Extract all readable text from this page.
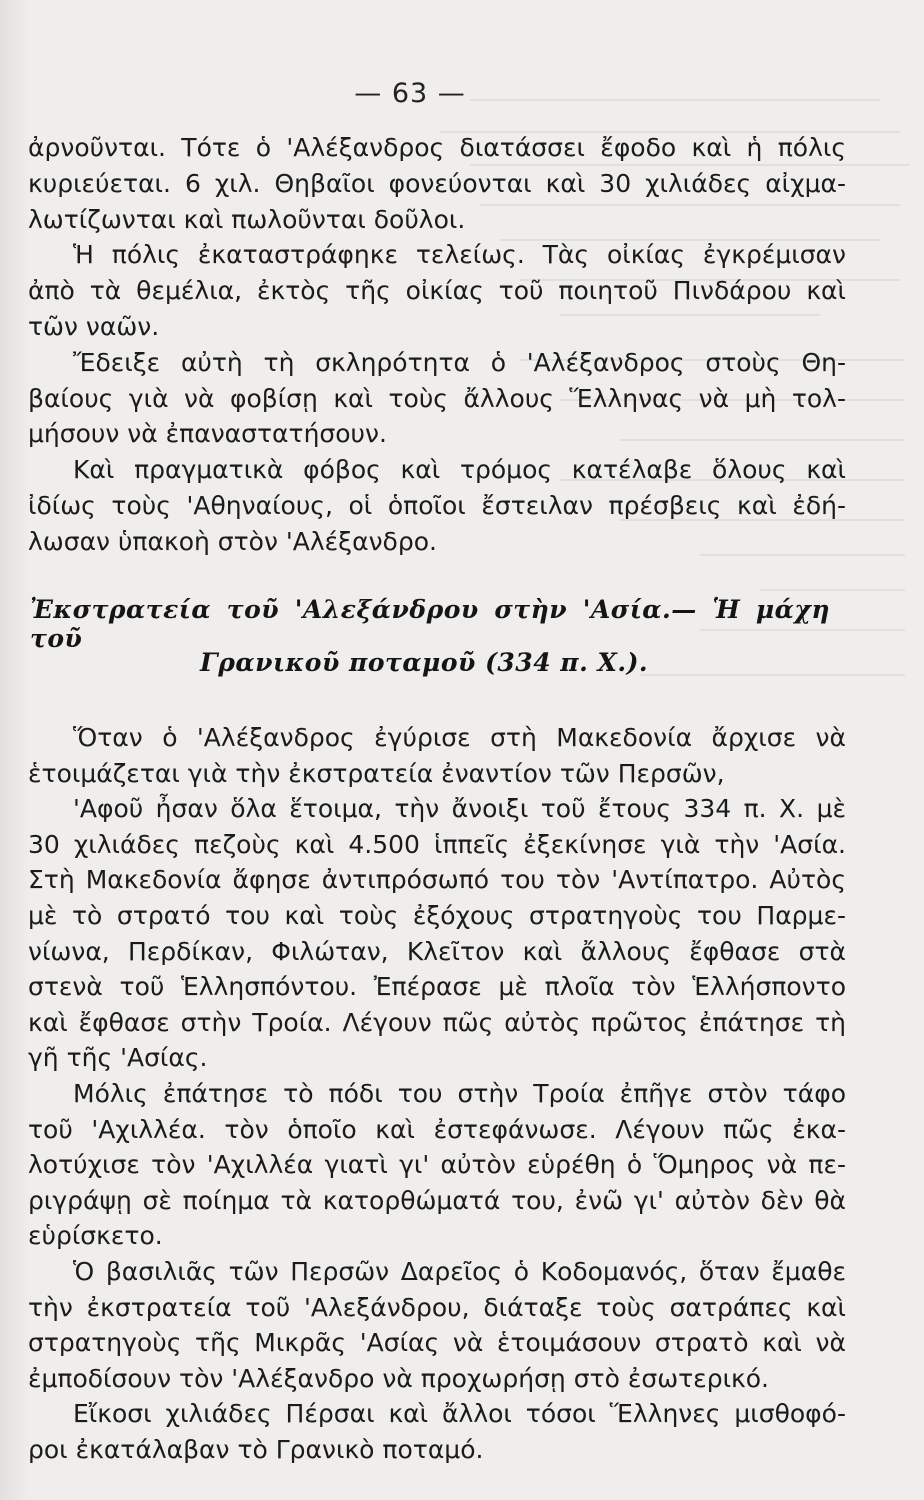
— 63 —
ἀρνοῦνται. Τότε ὁ 'Αλέξανδρος διατάσσει ἔφοδο καὶ ἡ πόλις
κυριεύεται. 6 χιλ. Θηβαῖοι φονεύονται καὶ 30 χιλιάδες αἰχμα-
λωτίζωνται καὶ πωλοῦνται δοῦλοι.
Ἡ πόλις ἐκαταστράφηκε τελείως. Τὰς οἰκίας ἐγκρέμισαν
ἀπὸ τὰ θεμέλια, ἐκτὸς τῆς οἰκίας τοῦ ποιητοῦ Πινδάρου καὶ
τῶν ναῶν.
Ἔδειξε αὐτὴ τὴ σκληρότητα ὁ 'Αλέξανδρος στοὺς Θη-
βαίους γιὰ νὰ φοβίσῃ καὶ τοὺς ἄλλους Ἕλληνας νὰ μὴ τολ-
μήσουν νὰ ἐπαναστατήσουν.
Καὶ πραγματικὰ φόβος καὶ τρόμος κατέλαβε ὅλους καὶ
ἰδίως τοὺς 'Αθηναίους, οἱ ὁποῖοι ἔστειλαν πρέσβεις καὶ ἐδή-
λωσαν ὑπακοὴ στὸν 'Αλέξανδρο.
Ἐκστρατεία τοῦ 'Αλεξάνδρου στὴν 'Ασία.— Ἡ μάχη τοῦ
Γρανικοῦ ποταμοῦ (334 π. Χ.).
Ὅταν ὁ 'Αλέξανδρος ἐγύρισε στὴ Μακεδονία ἄρχισε νὰ
ἑτοιμάζεται γιὰ τὴν ἐκστρατεία ἐναντίον τῶν Περσῶν,
'Αφοῦ ἦσαν ὅλα ἕτοιμα, τὴν ἄνοιξι τοῦ ἔτους 334 π. Χ. μὲ
30 χιλιάδες πεζοὺς καὶ 4.500 ἱππεῖς ἐξεκίνησε γιὰ τὴν 'Ασία.
Στὴ Μακεδονία ἄφησε ἀντιπρόσωπό του τὸν 'Αντίπατρο. Αὐτὸς
μὲ τὸ στρατό του καὶ τοὺς ἐξόχους στρατηγοὺς του Παρμε-
νίωνα, Περδίκαν, Φιλώταν, Κλεῖτον καὶ ἄλλους ἔφθασε στὰ
στενὰ τοῦ Ἑλλησπόντου. Ἐπέρασε μὲ πλοῖα τὸν Ἑλλήσποντο
καὶ ἔφθασε στὴν Τροία. Λέγουν πῶς αὐτὸς πρῶτος ἐπάτησε τὴ
γῆ τῆς 'Ασίας.
Μόλις ἐπάτησε τὸ πόδι του στὴν Τροία ἐπῆγε στὸν τάφο
τοῦ 'Αχιλλέα. τὸν ὁποῖο καὶ ἐστεφάνωσε. Λέγουν πῶς ἐκα-
λοτύχισε τὸν 'Αχιλλέα γιατὶ γι' αὐτὸν εὑρέθη ὁ Ὅμηρος νὰ πε-
ριγράψῃ σὲ ποίημα τὰ κατορθώματά του, ἐνῶ γι' αὐτὸν δὲν θὰ
εὑρίσκετο.
Ὁ βασιλιᾶς τῶν Περσῶν Δαρεῖος ὁ Κοδομανός, ὅταν ἔμαθε
τὴν ἐκστρατεία τοῦ 'Αλεξάνδρου, διάταξε τοὺς σατράπες καὶ
στρατηγοὺς τῆς Μικρᾶς 'Ασίας νὰ ἑτοιμάσουν στρατὸ καὶ νὰ
ἐμποδίσουν τὸν 'Αλέξανδρο νὰ προχωρήσῃ στὸ ἐσωτερικό.
Εἴκοσι χιλιάδες Πέρσαι καὶ ἄλλοι τόσοι Ἕλληνες μισθοφό-
ροι ἐκατάλαβαν τὸ Γρανικὸ ποταμό.
